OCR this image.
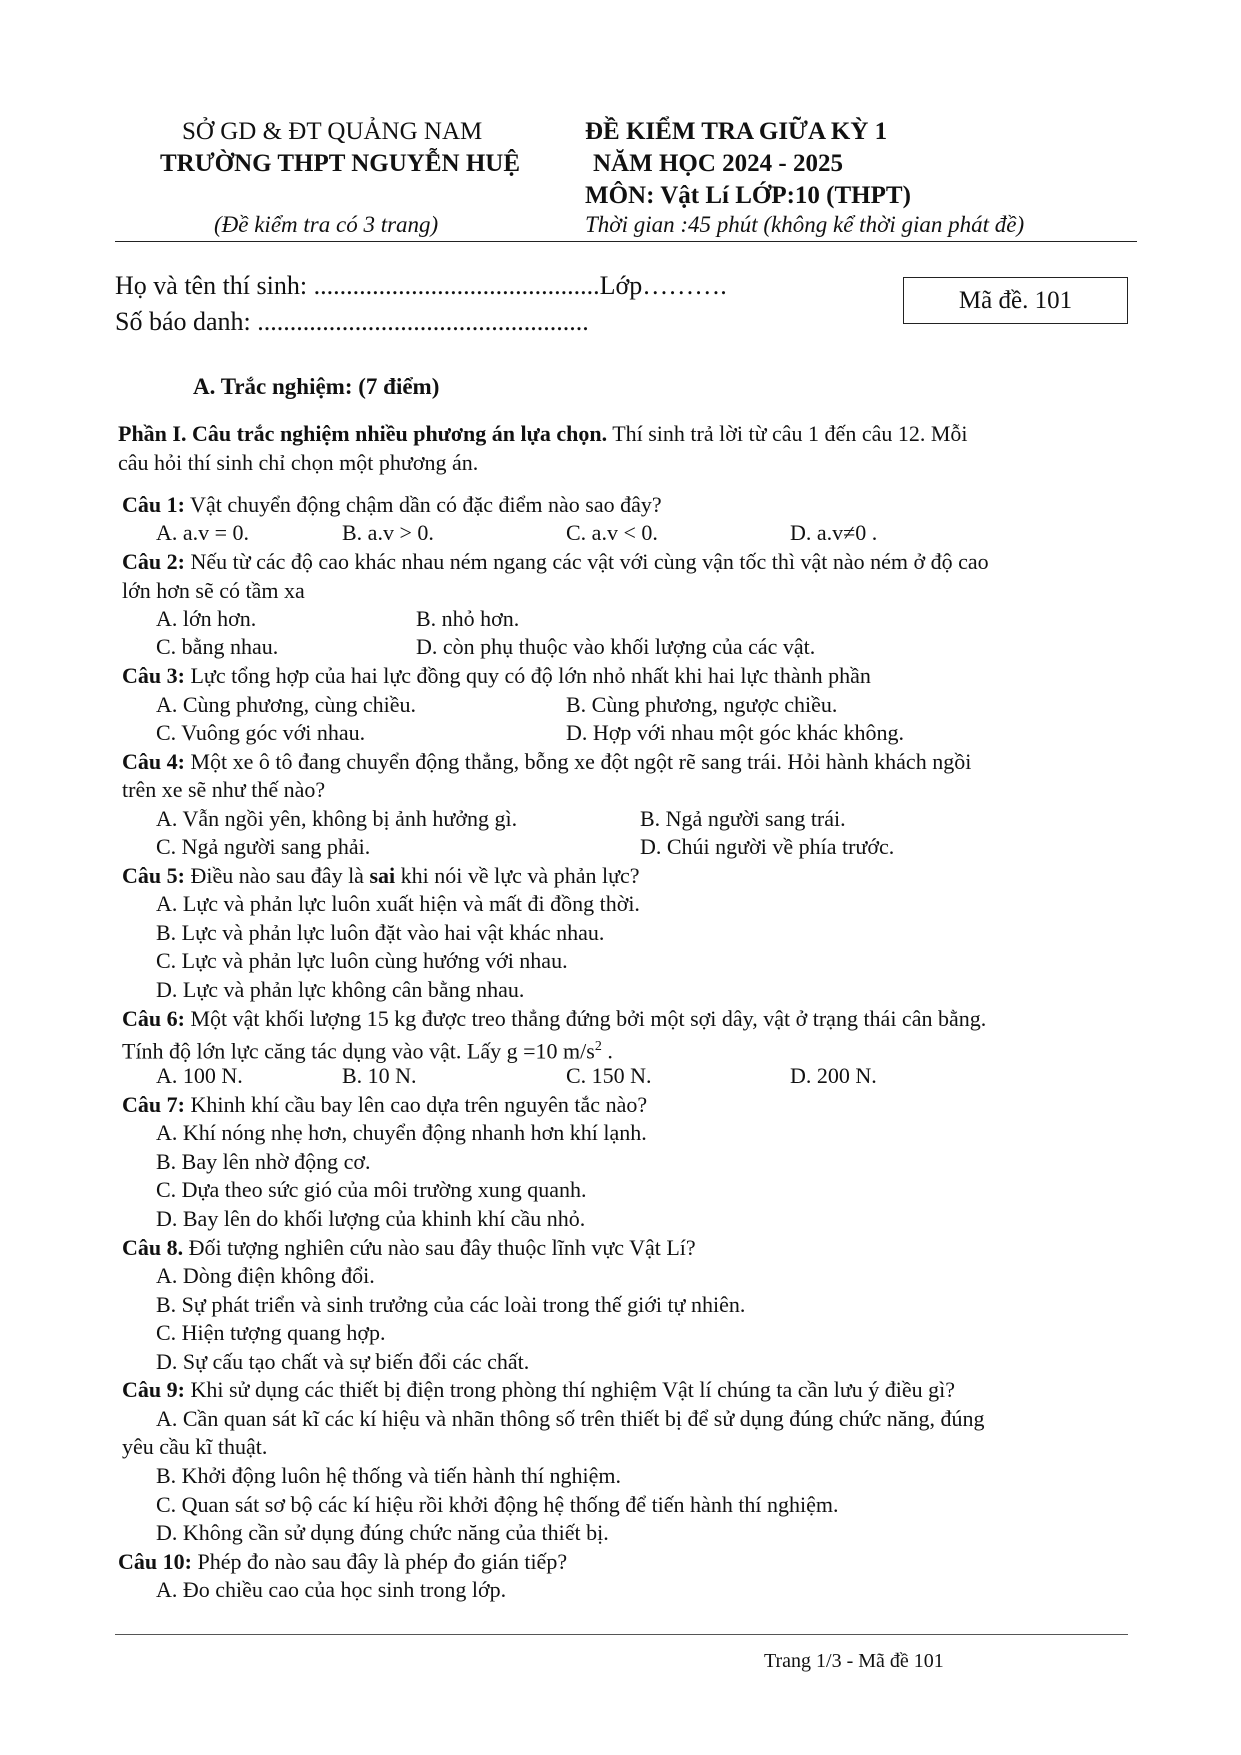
SỞ GD & ĐT QUẢNG NAM
TRƯỜNG THPT NGUYỄN HUỆ
(Đề kiểm tra có 3 trang)
ĐỀ KIỂM TRA GIỮA KỲ 1
NĂM HỌC 2024 - 2025
MÔN: Vật Lí LỚP:10 (THPT)
Thời gian :45 phút (không kể thời gian phát đề)
Họ và tên thí sinh: ............................................Lớp……….
Số báo danh: ...................................................
Mã đề. 101
A. Trắc nghiệm: (7 điểm)
Phần I. Câu trắc nghiệm nhiều phương án lựa chọn. Thí sinh trả lời từ câu 1 đến câu 12. Mỗi
câu hỏi thí sinh chỉ chọn một phương án.
Câu 1: Vật chuyển động chậm dần có đặc điểm nào sao đây?
A. a.v = 0.	B. a.v > 0.	C. a.v < 0.	D. a.v≠0 .
Câu 2: Nếu từ các độ cao khác nhau ném ngang các vật với cùng vận tốc thì vật nào ném ở độ cao
lớn hơn sẽ có tầm xa
A. lớn hơn.	B. nhỏ hơn.
C. bằng nhau.	D. còn phụ thuộc vào khối lượng của các vật.
Câu 3: Lực tổng hợp của hai lực đồng quy có độ lớn nhỏ nhất khi hai lực thành phần
A. Cùng phương, cùng chiều.	B. Cùng phương, ngược chiều.
C. Vuông góc với nhau.	D. Hợp với nhau một góc khác không.
Câu 4: Một xe ô tô đang chuyển động thẳng, bỗng xe đột ngột rẽ sang trái. Hỏi hành khách ngồi
trên xe sẽ như thế nào?
A. Vẫn ngồi yên, không bị ảnh hưởng gì.	B. Ngả người sang trái.
C. Ngả người sang phải.	D. Chúi người về phía trước.
Câu 5: Điều nào sau đây là sai khi nói về lực và phản lực?
A. Lực và phản lực luôn xuất hiện và mất đi đồng thời.
B. Lực và phản lực luôn đặt vào hai vật khác nhau.
C. Lực và phản lực luôn cùng hướng với nhau.
D. Lực và phản lực không cân bằng nhau.
Câu 6: Một vật khối lượng 15 kg được treo thẳng đứng bởi một sợi dây, vật ở trạng thái cân bằng.
Tính độ lớn lực căng tác dụng vào vật. Lấy g =10 $m/s^2$ .
A. 100 N.	B. 10 N.	C. 150 N.	D. 200 N.
Câu 7: Khinh khí cầu bay lên cao dựa trên nguyên tắc nào?
A. Khí nóng nhẹ hơn, chuyển động nhanh hơn khí lạnh.
B. Bay lên nhờ động cơ.
C. Dựa theo sức gió của môi trường xung quanh.
D. Bay lên do khối lượng của khinh khí cầu nhỏ.
Câu 8. Đối tượng nghiên cứu nào sau đây thuộc lĩnh vực Vật Lí?
A. Dòng điện không đổi.
B. Sự phát triển và sinh trưởng của các loài trong thế giới tự nhiên.
C. Hiện tượng quang hợp.
D. Sự cấu tạo chất và sự biến đổi các chất.
Câu 9: Khi sử dụng các thiết bị điện trong phòng thí nghiệm Vật lí chúng ta cần lưu ý điều gì?
A. Cần quan sát kĩ các kí hiệu và nhãn thông số trên thiết bị để sử dụng đúng chức năng, đúng
yêu cầu kĩ thuật.
B. Khởi động luôn hệ thống và tiến hành thí nghiệm.
C. Quan sát sơ bộ các kí hiệu rồi khởi động hệ thống để tiến hành thí nghiệm.
D. Không cần sử dụng đúng chức năng của thiết bị.
Câu 10: Phép đo nào sau đây là phép đo gián tiếp?
A. Đo chiều cao của học sinh trong lớp.
Trang 1/3 - Mã đề 101
